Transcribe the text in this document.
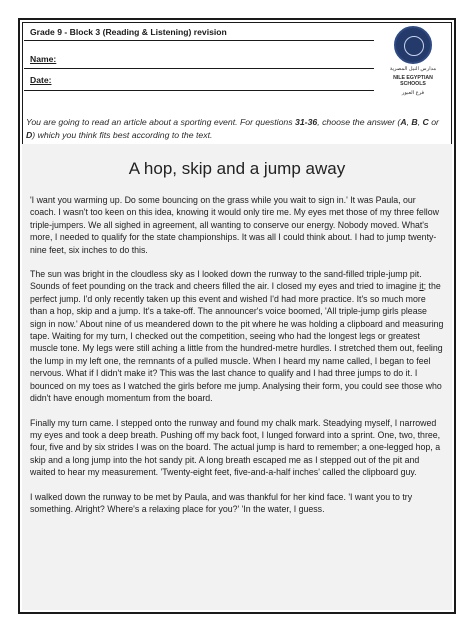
Grade 9 - Block 3 (Reading & Listening) revision
Name:
Date:
مدارس النيل المصرية
NILE EGYPTIAN SCHOOLS
فرع العبور
You are going to read an article about a sporting event. For questions 31-36, choose the answer (A, B, C or D) which you think fits best according to the text.
A hop, skip and a jump away

'I want you warming up. Do some bouncing on the grass while you wait to sign in.' It was Paula, our coach. I wasn't too keen on this idea, knowing it would only tire me. My eyes met those of my three fellow triple-jumpers. We all sighed in agreement, all wanting to conserve our energy. Nobody moved. What's more, I needed to qualify for the state championships. It was all I could think about. I had to jump twenty-nine feet, six inches to do this.

The sun was bright in the cloudless sky as I looked down the runway to the sand-filled triple-jump pit. Sounds of feet pounding on the track and cheers filled the air. I closed my eyes and tried to imagine it; the perfect jump. I'd only recently taken up this event and wished I'd had more practice. It's so much more than a hop, skip and a jump. It's a take-off. The announcer's voice boomed, 'All triple-jump girls please sign in now.' About nine of us meandered down to the pit where he was holding a clipboard and measuring tape. Waiting for my turn, I checked out the competition, seeing who had the longest legs or greatest muscle tone. My legs were still aching a little from the hundred-metre hurdles. I stretched them out, feeling the lump in my left one, the remnants of a pulled muscle. When I heard my name called, I began to feel nervous. What if I didn't make it? This was the last chance to qualify and I had three jumps to do it. I bounced on my toes as I watched the girls before me jump. Analysing their form, you could see those who didn't have enough momentum from the board.

Finally my turn came. I stepped onto the runway and found my chalk mark. Steadying myself, I narrowed my eyes and took a deep breath. Pushing off my back foot, I lunged forward into a sprint. One, two, three, four, five and by six strides I was on the board. The actual jump is hard to remember; a one-legged hop, a skip and a long jump into the hot sandy pit. A long breath escaped me as I stepped out of the pit and waited to hear my measurement. 'Twenty-eight feet, five-and-a-half inches' called the clipboard guy.

I walked down the runway to be met by Paula, and was thankful for her kind face. 'I want you to try something. Alright? Where's a relaxing place for you?' 'In the water, I guess.
